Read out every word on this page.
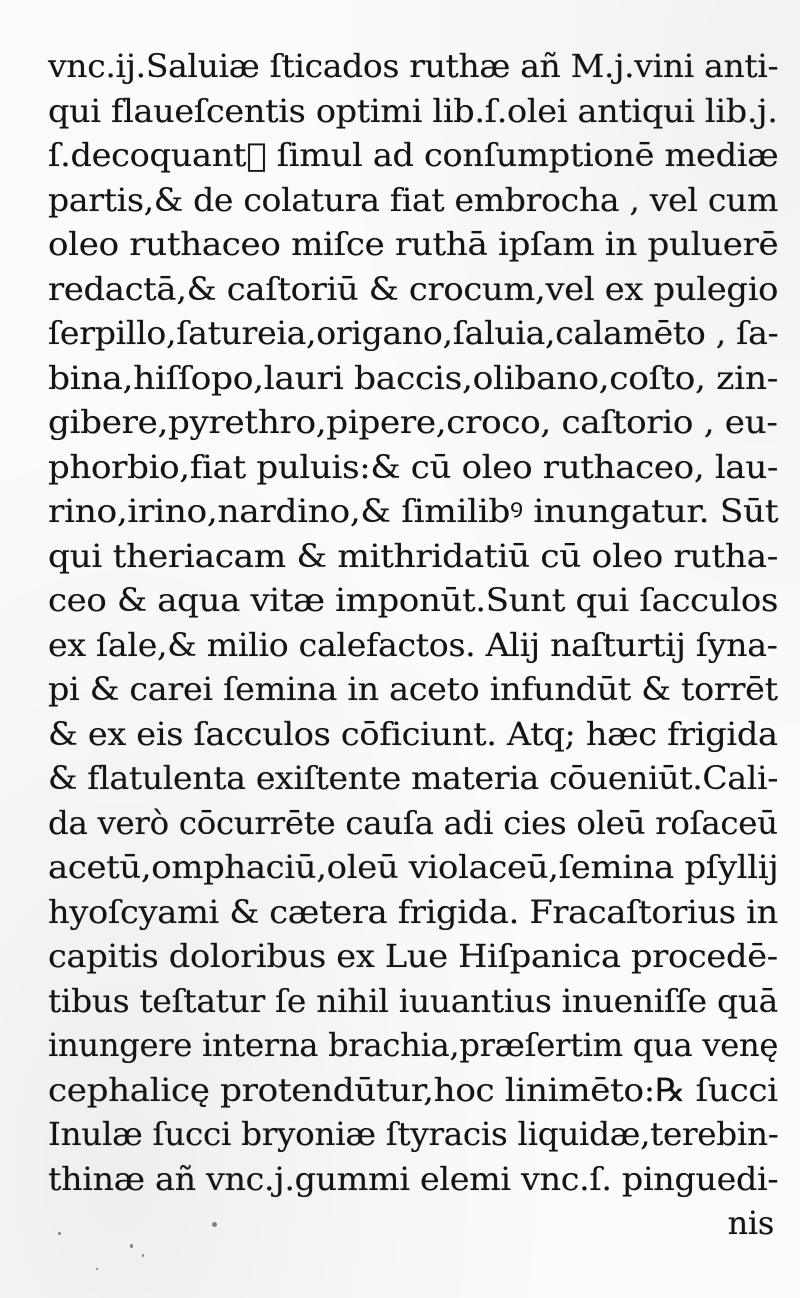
vnc.ij.Saluiæ ſticados ruthæ añ M.j.vini anti-
qui flaueſcentis optimi lib.ſ.olei antiqui lib.j.
ſ.decoquantᷣ ſimul ad conſumptionē mediæ
partis,& de colatura fiat embrocha , vel cum
oleo ruthaceo miſce ruthā ipſam in puluerē
redactā,& caſtoriū & crocum,vel ex pulegio
ſerpillo,ſatureia,origano,ſaluia,calamēto , ſa-
bina,hiſſopo,lauri baccis,olibano,coſto, zin-
gibere,pyrethro,pipere,croco, caſtorio , eu-
phorbio,fiat puluis:& cū oleo ruthaceo, lau-
rino,irino,nardino,& ſimilibꝰ inungatur. Sūt
qui theriacam & mithridatiū cū oleo rutha-
ceo & aqua vitæ imponūt.Sunt qui ſacculos
ex ſale,& milio calefactos. Alij naſturtij ſyna-
pi & carei ſemina in aceto infundūt & torrēt
& ex eis ſacculos cōficiunt. Atq; hæc frigida
& flatulenta exiſtente materia cōueniūt.Cali-
da verò cōcurrēte cauſa adi cies oleū roſaceū
acetū,omphaciū,oleū violaceū,ſemina pſyllij
hyoſcyami & cætera frigida. Fracaſtorius in
capitis doloribus ex Lue Hiſpanica procedē-
tibus teſtatur ſe nihil iuuantius inueniſſe quā
inungere interna brachia,præſertim qua venę
cephalicę protendūtur,hoc linimēto:℞ ſucci
Inulæ ſucci bryoniæ ſtyracis liquidæ,terebin-
thinæ añ vnc.j.gummi elemi vnc.ſ. pinguedi-
nis
